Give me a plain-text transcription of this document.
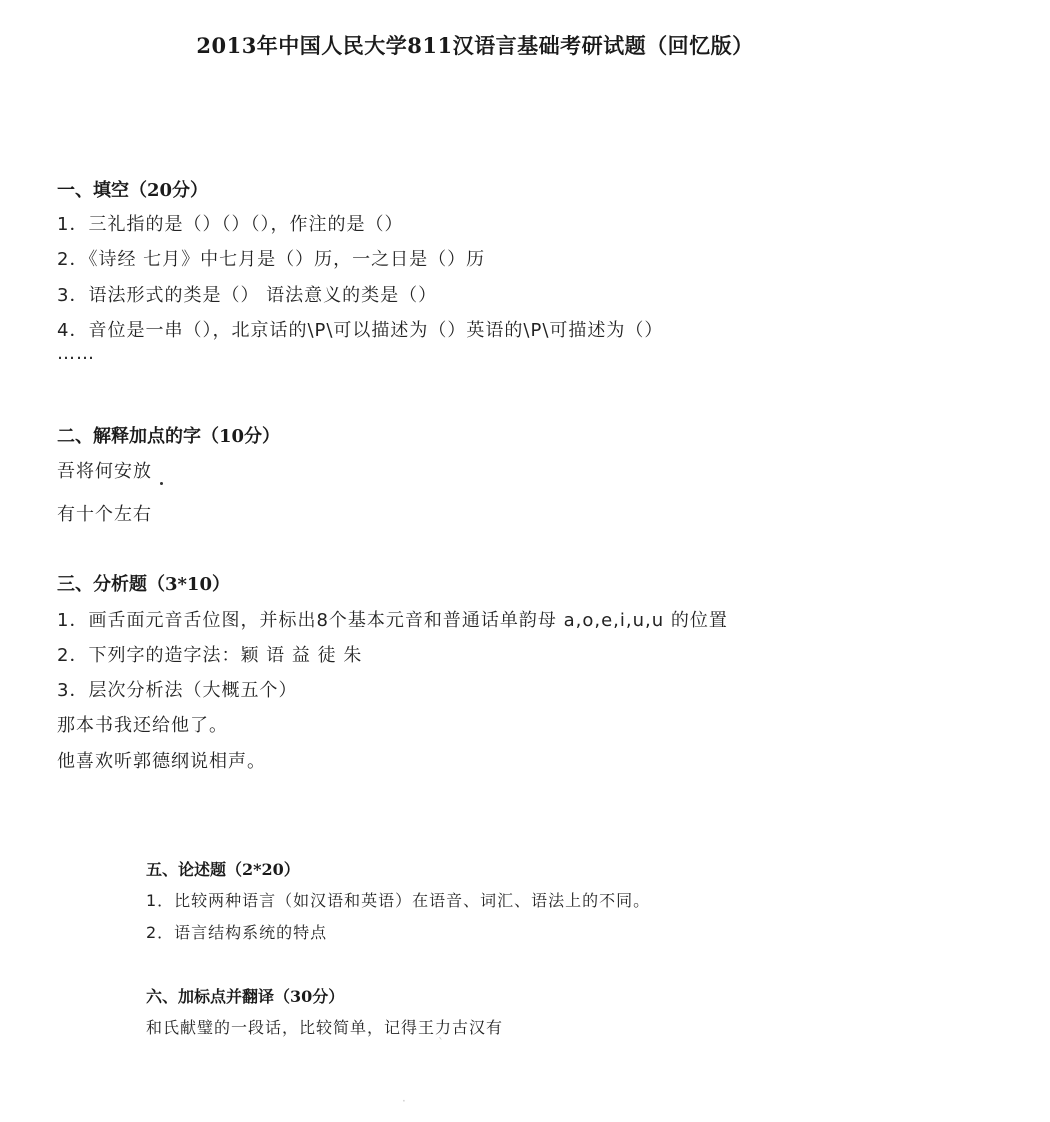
2013年中国人民大学811汉语言基础考研试题（回忆版）
一、填空（20分）
1．三礼指的是（）（）（），作注的是（）
2．《诗经 七月》中七月是（）历，一之日是（）历
3．语法形式的类是（） 语法意义的类是（）
4．音位是一串（），北京话的\P\可以描述为（）英语的\P\可描述为（）
……
二、解释加点的字（10分）
吾将何安放
有十个左右
三、分析题（3*10）
1．画舌面元音舌位图，并标出8个基本元音和普通话单韵母 a,o,e,i,u,u 的位置
2．下列字的造字法：颖 语 益 徒 朱
3．层次分析法（大概五个）
那本书我还给他了。
他喜欢听郭德纲说相声。
五、论述题（2*20）
1．比较两种语言（如汉语和英语）在语音、词汇、语法上的不同。
2．语言结构系统的特点
六、加标点并翻译（30分）
和氏献璧的一段话，比较简单，记得王力古汉有
ˋ
·
